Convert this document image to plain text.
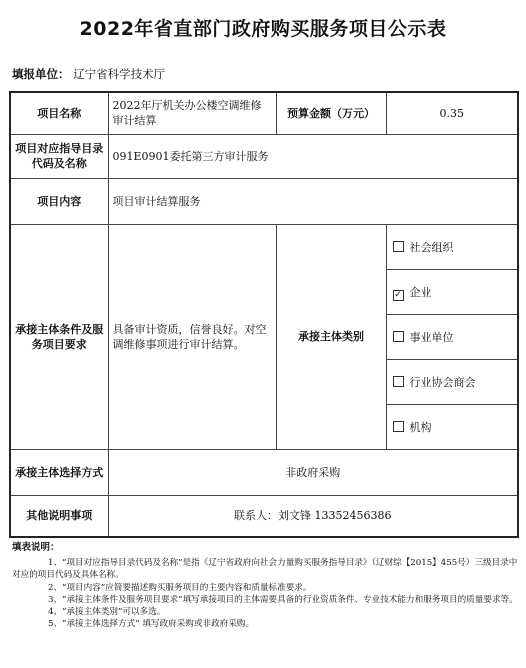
2022年省直部门政府购买服务项目公示表
填报单位： 辽宁省科学技术厅
项目名称	2022年厅机关办公楼空调维修审计结算	预算金额（万元）	0.35
项目对应指导目录代码及名称	091E0901委托第三方审计服务		
项目内容	项目审计结算服务		
承接主体条件及服务项目要求	具备审计资质，信誉良好。对空调维修事项进行审计结算。	承接主体类别	社会组织
			✓ 企业
			事业单位
			行业协会商会
			机构
承接主体选择方式	非政府采购		
其他说明事项	联系人：刘文锋 13352456386		
填表说明：
1、“项目对应指导目录代码及名称”是指《辽宁省政府向社会力量购买服务指导目录》（辽财综【2015】455号）三级目录中对应的项目代码及具体名称。
2、“项目内容”应简要描述购买服务项目的主要内容和质量标准要求。
3、“承接主体条件及服务项目要求”填写承接项目的主体需要具备的行业资质条件、专业技术能力和服务项目的质量要求等。
4、“承接主体类别”可以多选。
5、“承接主体选择方式” 填写政府采购或非政府采购。
